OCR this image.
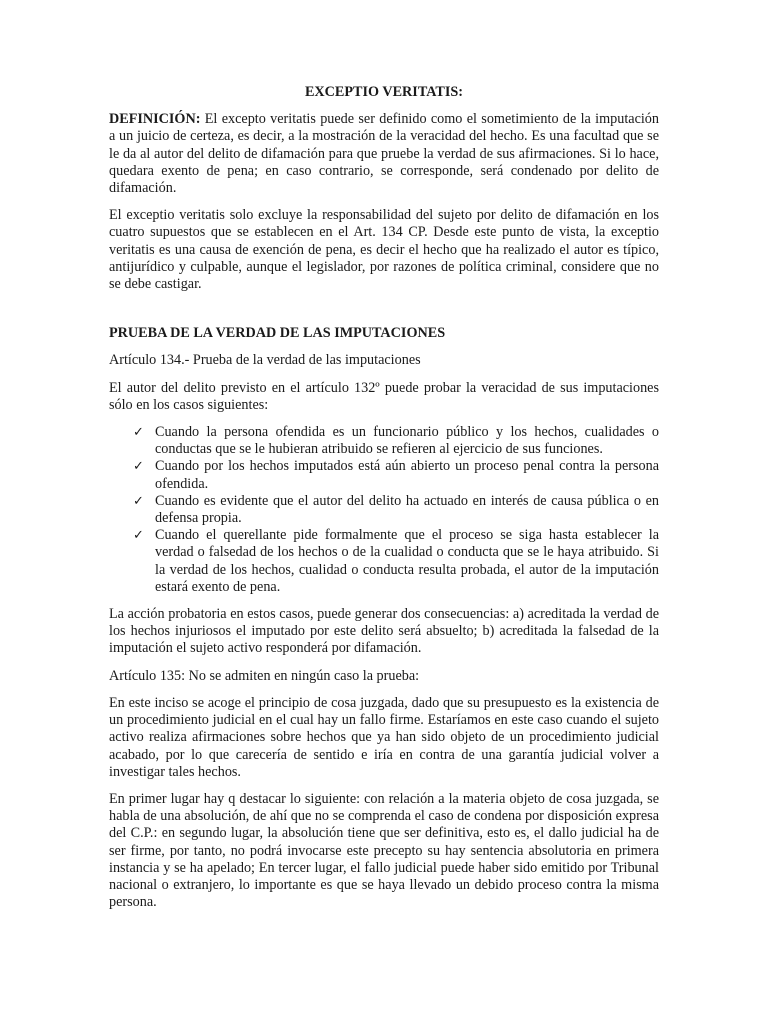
EXCEPTIO VERITATIS:

DEFINICIÓN: El excepto veritatis puede ser definido como el sometimiento de la imputación a un juicio de certeza, es decir, a la mostración de la veracidad del hecho. Es una facultad que se le da al autor del delito de difamación para que pruebe la verdad de sus afirmaciones. Si lo hace, quedara exento de pena; en caso contrario, se corresponde, será condenado por delito de difamación.

El exceptio veritatis solo excluye la responsabilidad del sujeto por delito de difamación en los cuatro supuestos que se establecen en el Art. 134 CP. Desde este punto de vista, la exceptio veritatis es una causa de exención de pena, es decir el hecho que ha realizado el autor es típico, antijurídico y culpable, aunque el legislador, por razones de política criminal, considere que no se debe castigar.

PRUEBA DE LA VERDAD DE LAS IMPUTACIONES

Artículo 134.- Prueba de la verdad de las imputaciones

El autor del delito previsto en el artículo 132º puede probar la veracidad de sus imputaciones sólo en los casos siguientes:

✓ Cuando la persona ofendida es un funcionario público y los hechos, cualidades o conductas que se le hubieran atribuido se refieren al ejercicio de sus funciones.
✓ Cuando por los hechos imputados está aún abierto un proceso penal contra la persona ofendida.
✓ Cuando es evidente que el autor del delito ha actuado en interés de causa pública o en defensa propia.
✓ Cuando el querellante pide formalmente que el proceso se siga hasta establecer la verdad o falsedad de los hechos o de la cualidad o conducta que se le haya atribuido. Si la verdad de los hechos, cualidad o conducta resulta probada, el autor de la imputación estará exento de pena.

La acción probatoria en estos casos, puede generar dos consecuencias: a) acreditada la verdad de los hechos injuriosos el imputado por este delito será absuelto; b) acreditada la falsedad de la imputación el sujeto activo responderá por difamación.

Artículo 135: No se admiten en ningún caso la prueba:

En este inciso se acoge el principio de cosa juzgada, dado que su presupuesto es la existencia de un procedimiento judicial en el cual hay un fallo firme. Estaríamos en este caso cuando el sujeto activo realiza afirmaciones sobre hechos que ya han sido objeto de un procedimiento judicial acabado, por lo que carecería de sentido e iría en contra de una garantía judicial volver a investigar tales hechos.

En primer lugar hay q destacar lo siguiente: con relación a la materia objeto de cosa juzgada, se habla de una absolución, de ahí que no se comprenda el caso de condena por disposición expresa del C.P.: en segundo lugar, la absolución tiene que ser definitiva, esto es, el dallo judicial ha de ser firme, por tanto, no podrá invocarse este precepto su hay sentencia absolutoria en primera instancia y se ha apelado; En tercer lugar, el fallo judicial puede haber sido emitido por Tribunal nacional o extranjero, lo importante es que se haya llevado un debido proceso contra la misma persona.
